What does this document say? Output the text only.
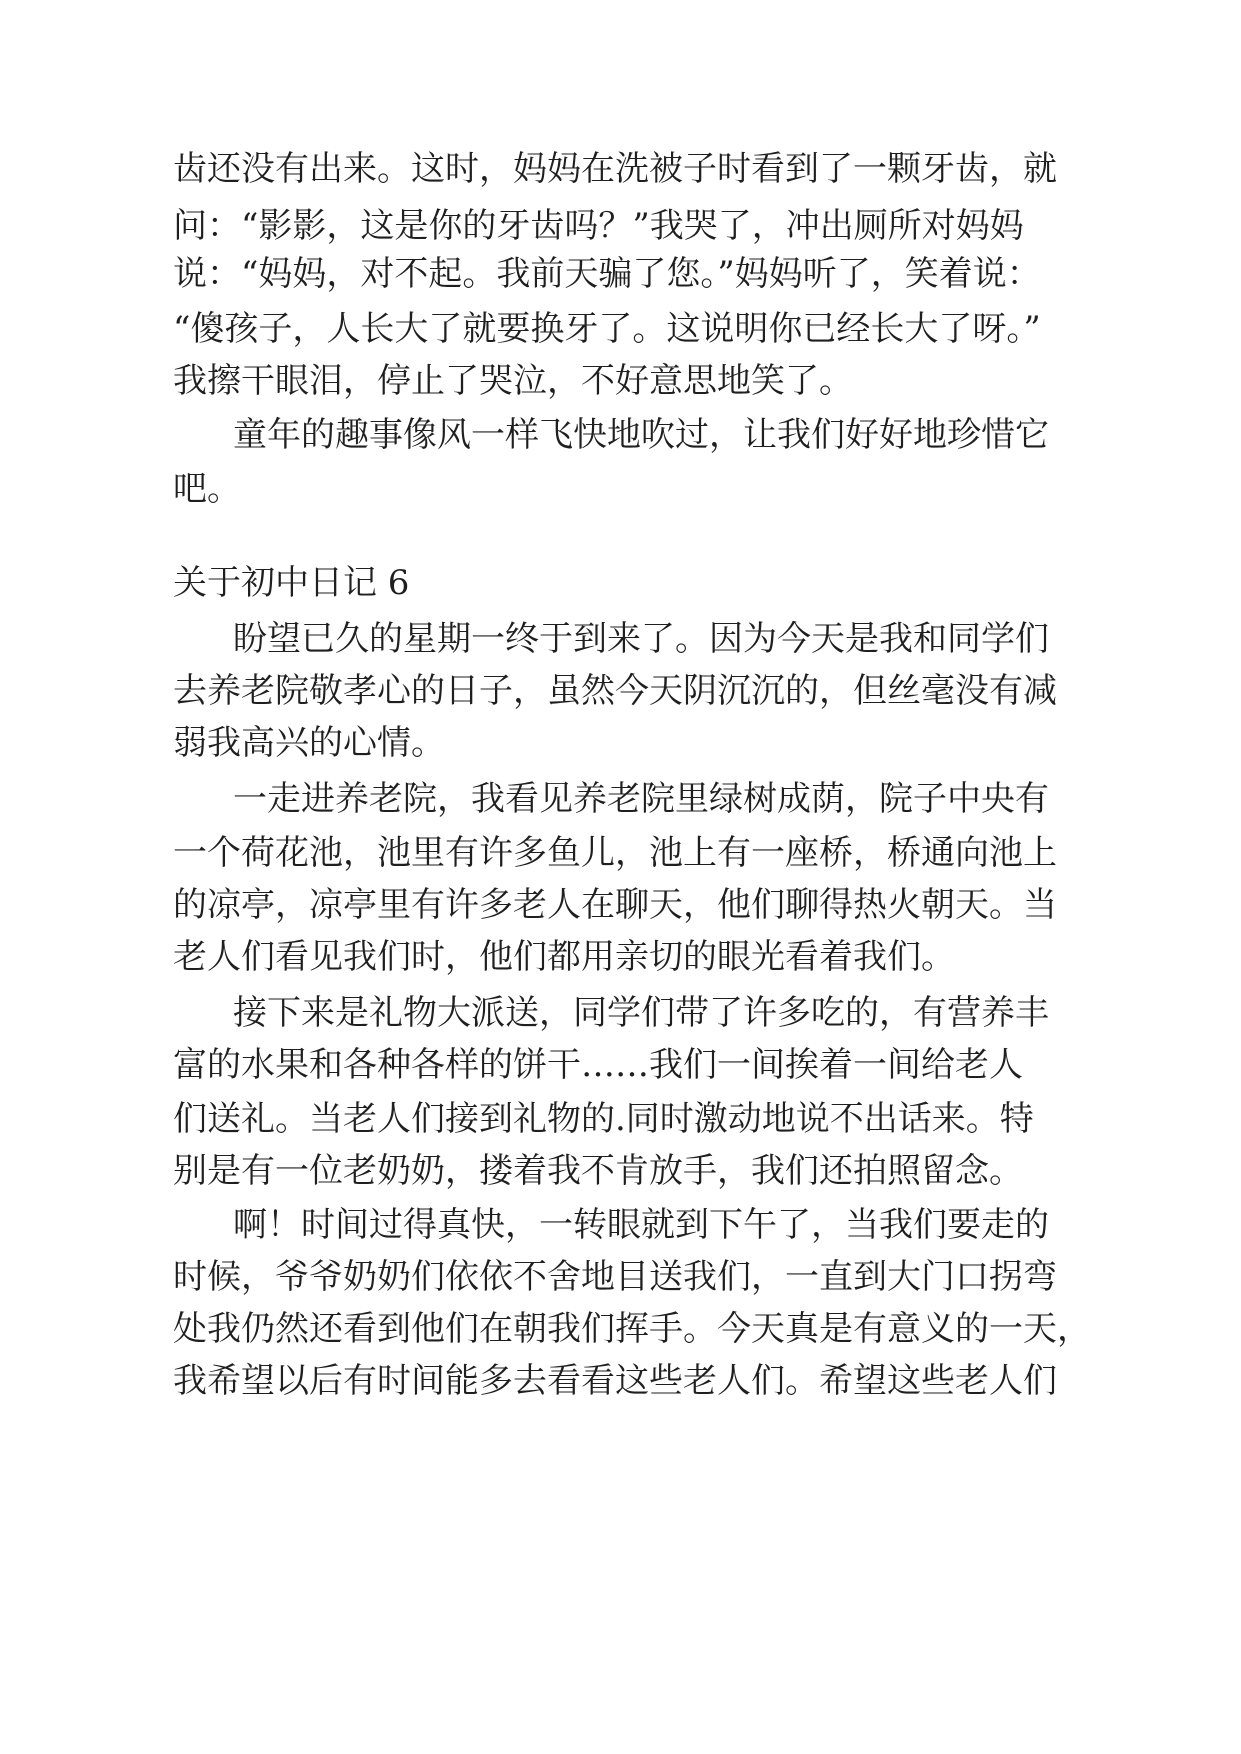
齿还没有出来。这时，妈妈在洗被子时看到了一颗牙齿，就
问：“影影，这是你的牙齿吗？”我哭了，冲出厕所对妈妈
说：“妈妈，对不起。我前天骗了您。”妈妈听了，笑着说：
“傻孩子，人长大了就要换牙了。这说明你已经长大了呀。”
我擦干眼泪，停止了哭泣，不好意思地笑了。
童年的趣事像风一样飞快地吹过，让我们好好地珍惜它
吧。
关于初中日记 6
盼望已久的星期一终于到来了。因为今天是我和同学们
去养老院敬孝心的日子，虽然今天阴沉沉的，但丝毫没有减
弱我高兴的心情。
一走进养老院，我看见养老院里绿树成荫，院子中央有
一个荷花池，池里有许多鱼儿，池上有一座桥，桥通向池上
的凉亭，凉亭里有许多老人在聊天，他们聊得热火朝天。当
老人们看见我们时，他们都用亲切的眼光看着我们。
接下来是礼物大派送，同学们带了许多吃的，有营养丰
富的水果和各种各样的饼干……我们一间挨着一间给老人
们送礼。当老人们接到礼物的.同时激动地说不出话来。特
别是有一位老奶奶，搂着我不肯放手，我们还拍照留念。
啊！时间过得真快，一转眼就到下午了，当我们要走的
时候，爷爷奶奶们依依不舍地目送我们，一直到大门口拐弯
处我仍然还看到他们在朝我们挥手。今天真是有意义的一天，
我希望以后有时间能多去看看这些老人们。希望这些老人们
